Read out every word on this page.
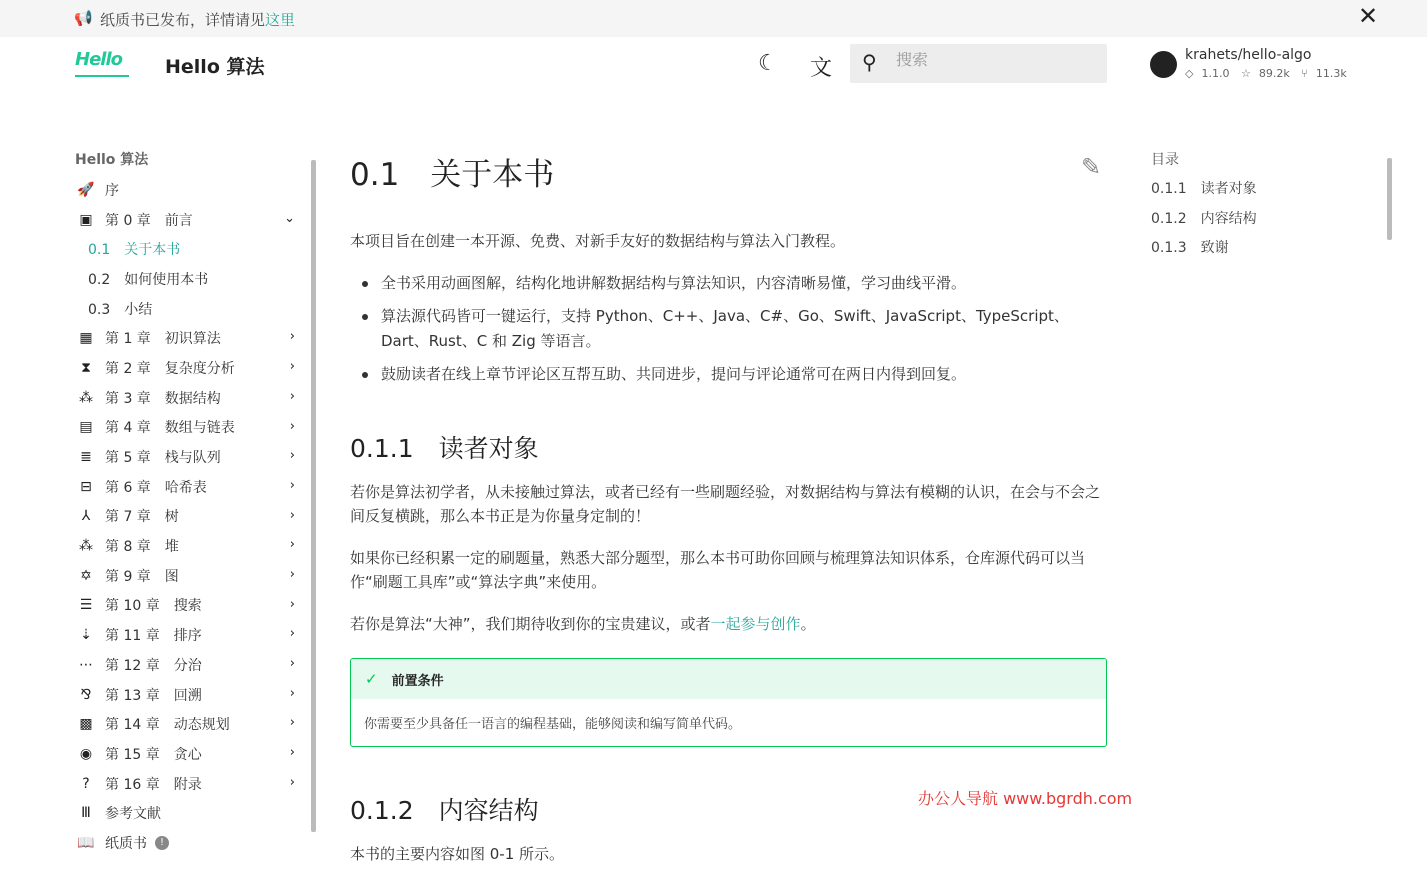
📢 纸质书已发布，详情请见这里	✕
Hello	Hello 算法	☾ 文 ⚲
搜索	krahets/hello-algo
◇ 1.1.0 ☆ 89.2k ⑂ 11.3k
Hello 算法
🚀 序
▣ 第 0 章　前言	⌄
0.1　关于本书
0.2　如何使用本书
0.3　小结
▦ 第 1 章　初识算法	›
⧗	第 2 章　复杂度分析	›
⁂ 第 3 章　数据结构	›
▤ 第 4 章　数组与链表	›
≣ 第 5 章　栈与队列	›
⊟ 第 6 章　哈希表	›
⅄	第 7 章　树	›
⁂ 第 8 章　堆	›
✡ 第 9 章　图	›
☰ 第 10 章　搜索	›
⇣ 第 11 章　排序	›
⋯ 第 12 章　分治	›
⅋ 第 13 章　回溯	›
▩ 第 14 章　动态规划	›
◉ 第 15 章　贪心	›
?	第 16 章　附录	›
Ⅲ	参考文献
📖 纸质书	!
0.1　关于本书	✎

本项目旨在创建一本开源、免费、对新手友好的数据结构与算法入门教程。

全书采用动画图解，结构化地讲解数据结构与算法知识，内容清晰易懂，学习曲线平滑。
算法源代码皆可一键运行，支持 Python、C++、Java、C#、Go、Swift、JavaScript、TypeScript、Dart、Rust、C 和 Zig 等语言。
鼓励读者在线上章节评论区互帮互助、共同进步，提问与评论通常可在两日内得到回复。
0.1.1　读者对象

若你是算法初学者，从未接触过算法，或者已经有一些刷题经验，对数据结构与算法有模糊的认识，在会与不会之间反复横跳，那么本书正是为你量身定制的！

如果你已经积累一定的刷题量，熟悉大部分题型，那么本书可助你回顾与梳理算法知识体系，仓库源代码可以当作“刷题工具库”或“算法字典”来使用。

若你是算法“大神”，我们期待收到你的宝贵建议，或者一起参与创作。

✓ 前置条件
你需要至少具备任一语言的编程基础，能够阅读和编写简单代码。
0.1.2　内容结构

本书的主要内容如图 0-1 所示。

目录
0.1.1　读者对象
0.1.2　内容结构
0.1.3　致谢
办公人导航 www.bgrdh.com
